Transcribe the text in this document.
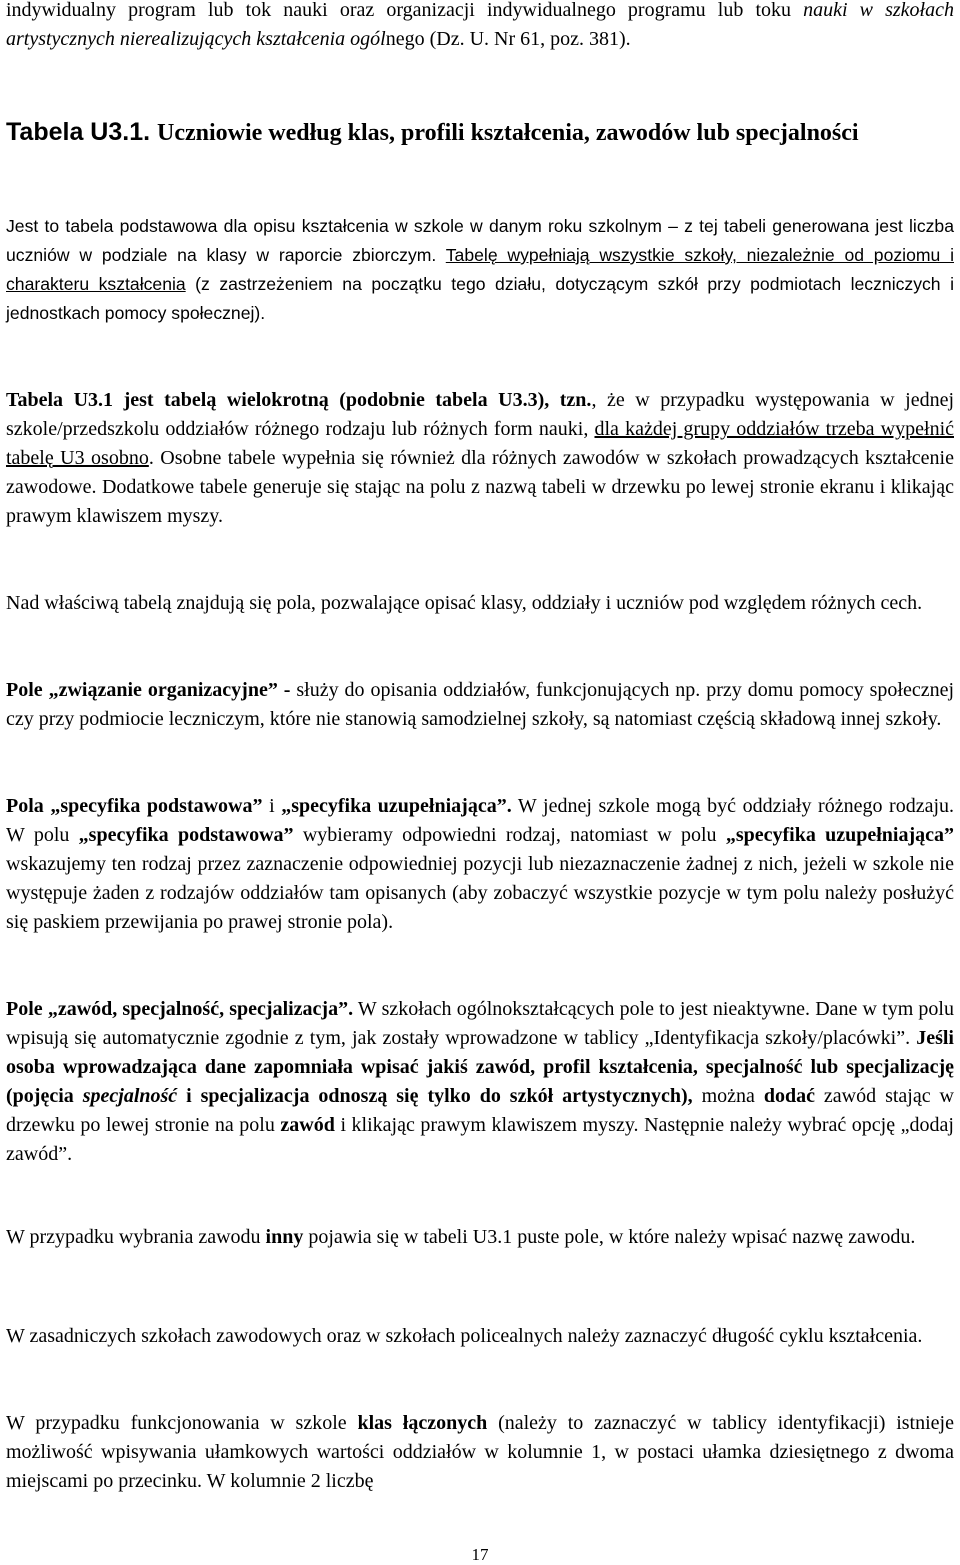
indywidualny program lub tok nauki oraz organizacji indywidualnego programu lub toku nauki w szkołach artystycznych nierealizujących kształcenia ogólnego (Dz. U. Nr 61, poz. 381).

Tabela U3.1. Uczniowie według klas, profili kształcenia, zawodów lub specjalności

Jest to tabela podstawowa dla opisu kształcenia w szkole w danym roku szkolnym – z tej tabeli generowana jest liczba uczniów w podziale na klasy w raporcie zbiorczym. Tabelę wypełniają wszystkie szkoły, niezależnie od poziomu i charakteru kształcenia (z zastrzeżeniem na początku tego działu, dotyczącym szkół przy podmiotach leczniczych i jednostkach pomocy społecznej).

Tabela U3.1 jest tabelą wielokrotną (podobnie tabela U3.3), tzn., że w przypadku występowania w jednej szkole/przedszkolu oddziałów różnego rodzaju lub różnych form nauki, dla każdej grupy oddziałów trzeba wypełnić tabelę U3 osobno. Osobne tabele wypełnia się również dla różnych zawodów w szkołach prowadzących kształcenie zawodowe. Dodatkowe tabele generuje się stając na polu z nazwą tabeli w drzewku po lewej stronie ekranu i klikając prawym klawiszem myszy.

Nad właściwą tabelą znajdują się pola, pozwalające opisać klasy, oddziały i uczniów pod względem różnych cech.

Pole „związanie organizacyjne” - służy do opisania oddziałów, funkcjonujących np. przy domu pomocy społecznej czy przy podmiocie leczniczym, które nie stanowią samodzielnej szkoły, są natomiast częścią składową innej szkoły.

Pola „specyfika podstawowa” i „specyfika uzupełniająca”. W jednej szkole mogą być oddziały różnego rodzaju. W polu „specyfika podstawowa” wybieramy odpowiedni rodzaj, natomiast w polu „specyfika uzupełniająca” wskazujemy ten rodzaj przez zaznaczenie odpowiedniej pozycji lub niezaznaczenie żadnej z nich, jeżeli w szkole nie występuje żaden z rodzajów oddziałów tam opisanych (aby zobaczyć wszystkie pozycje w tym polu należy posłużyć się paskiem przewijania po prawej stronie pola).

Pole „zawód, specjalność, specjalizacja”. W szkołach ogólnokształcących pole to jest nieaktywne. Dane w tym polu wpisują się automatycznie zgodnie z tym, jak zostały wprowadzone w tablicy „Identyfikacja szkoły/placówki”. Jeśli osoba wprowadzająca dane zapomniała wpisać jakiś zawód, profil kształcenia, specjalność lub specjalizację (pojęcia specjalność i specjalizacja odnoszą się tylko do szkół artystycznych), można dodać zawód stając w drzewku po lewej stronie na polu zawód i klikając prawym klawiszem myszy. Następnie należy wybrać opcję „dodaj zawód”.

W przypadku wybrania zawodu inny pojawia się w tabeli U3.1 puste pole, w które należy wpisać nazwę zawodu.

W zasadniczych szkołach zawodowych oraz w szkołach policealnych należy zaznaczyć długość cyklu kształcenia.

W przypadku funkcjonowania w szkole klas łączonych (należy to zaznaczyć w tablicy identyfikacji) istnieje możliwość wpisywania ułamkowych wartości oddziałów w kolumnie 1, w postaci ułamka dziesiętnego z dwoma miejscami po przecinku. W kolumnie 2 liczbę

17
